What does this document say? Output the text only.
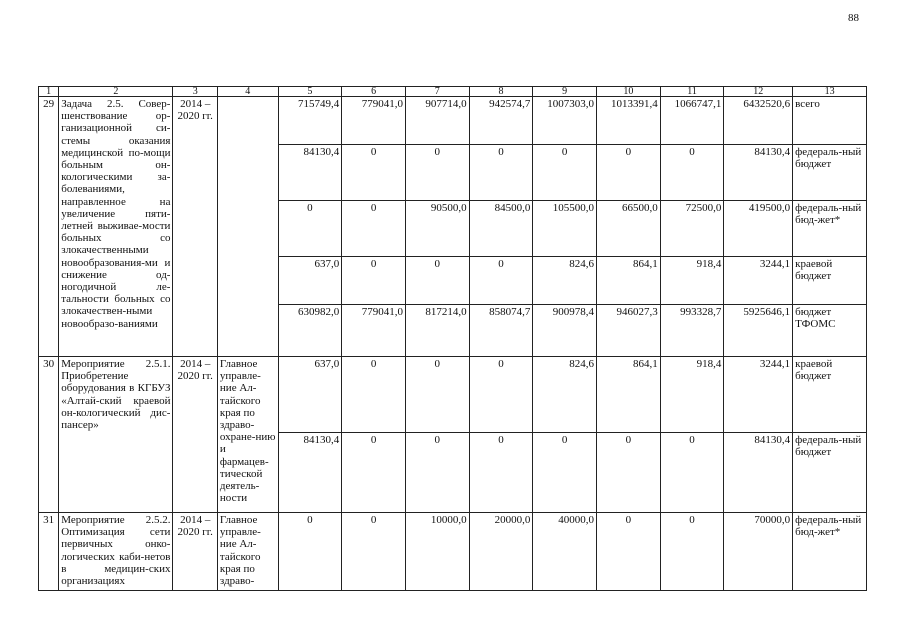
88
1	2	3	4	5	6	7	8	9	10	11	12	13
29	Задача 2.5. Совер-шенствование ор-ганизационной си-стемы оказания медицинской по-мощи больным он-кологическими за-болеваниями, направленное на увеличение пяти-летней выживае-мости больных со злокачественными новообразования-ми и снижение од-ногодичной ле-тальности больных со злокачествен-ными новообразо-ваниями	2014 – 2020 гг.		715749,4	779041,0	907714,0	942574,7	1007303,0	1013391,4	1066747,1	6432520,6	всего
				84130,4	0	0	0	0	0	0	84130,4	федераль-ный бюджет
				0	0	90500,0	84500,0	105500,0	66500,0	72500,0	419500,0	федераль-ный бюд-жет*
				637,0	0	0	0	824,6	864,1	918,4	3244,1	краевой бюджет
				630982,0	779041,0	817214,0	858074,7	900978,4	946027,3	993328,7	5925646,1	бюджет ТФОМС
30	Мероприятие 2.5.1. Приобретение оборудования в КГБУЗ «Алтай-ский краевой он-кологический дис-пансер»	2014 – 2020 гг.	Главное управле-ние Ал-тайского края по здраво-охране-нию и фармацев-тической деятель-ности	637,0	0	0	0	824,6	864,1	918,4	3244,1	краевой бюджет
				84130,4	0	0	0	0	0	0	84130,4	федераль-ный бюджет
31	Мероприятие 2.5.2. Оптимизация сети первичных онко-логических каби-нетов в медицин-ских организациях	2014 – 2020 гг.	Главное управле-ние Ал-тайского края по здраво-	0	0	10000,0	20000,0	40000,0	0	0	70000,0	федераль-ный бюд-жет*
